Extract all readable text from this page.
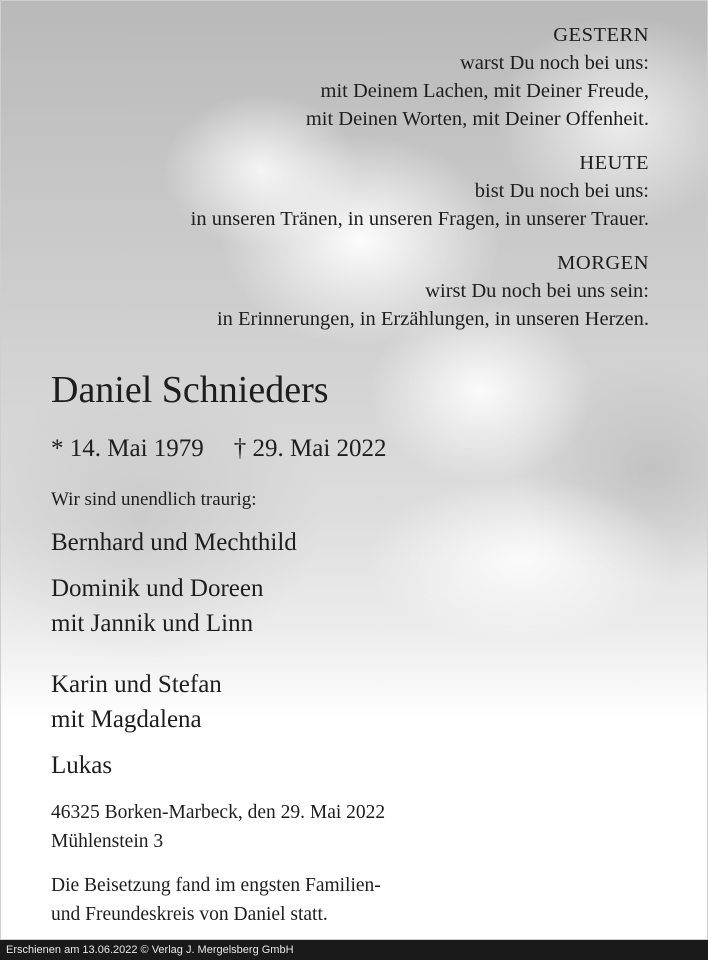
GESTERN
warst Du noch bei uns:
mit Deinem Lachen, mit Deiner Freude,
mit Deinen Worten, mit Deiner Offenheit.
HEUTE
bist Du noch bei uns:
in unseren Tränen, in unseren Fragen, in unserer Trauer.
MORGEN
wirst Du noch bei uns sein:
in Erinnerungen, in Erzählungen, in unseren Herzen.
Daniel Schnieders
* 14. Mai 1979 † 29. Mai 2022
Wir sind unendlich traurig:
Bernhard und Mechthild
Dominik und Doreen
mit Jannik und Linn
Karin und Stefan
mit Magdalena
Lukas
46325 Borken-Marbeck, den 29. Mai 2022
Mühlenstein 3
Die Beisetzung fand im engsten Familien-
und Freundeskreis von Daniel statt.
Erschienen am 13.06.2022 © Verlag J. Mergelsberg GmbH
